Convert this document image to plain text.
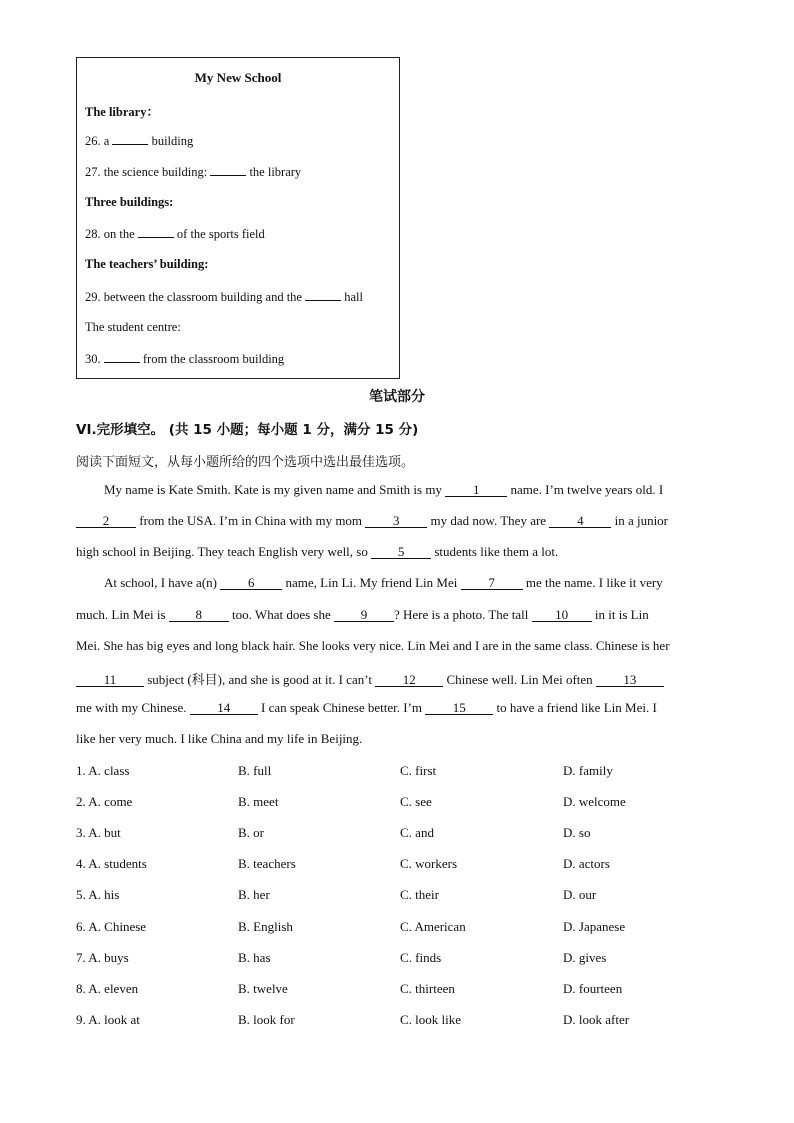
My New School
The library：
26. a	building
27. the science building:	the library
Three buildings:
28. on the	of the sports field
The teachers’ building:
29. between the classroom building and the	hall
The student centre:
30.	from the classroom building
笔试部分
VI.完形填空。 (共 15 小题；每小题 1 分，满分 15 分)
阅读下面短文，从每小题所给的四个选项中选出最佳选项。
My name is Kate Smith. Kate is my given name and Smith is my 1 name. I’m twelve years old. I
2 from the USA. I’m in China with my mom 3 my dad now. They are 4 in a junior
high school in Beijing. They teach English very well, so 5 students like them a lot.
At school, I have a(n) 6 name, Lin Li. My friend Lin Mei 7 me the name. I like it very
much. Lin Mei is 8 too. What does she 9 ? Here is a photo. The tall 10 in it is Lin
Mei. She has big eyes and long black hair. She looks very nice. Lin Mei and I are in the same class. Chinese is her
11 subject (科目), and she is good at it. I can’t 12 Chinese well. Lin Mei often 13
me with my Chinese. 14 I can speak Chinese better. I’m 15 to have a friend like Lin Mei. I
like her very much. I like China and my life in Beijing.
1. A. class	B. full	C. first	D. family
2. A. come	B. meet	C. see	D. welcome
3. A. but	B. or	C. and	D. so
4. A. students	B. teachers	C. workers	D. actors
5. A. his	B. her	C. their	D. our
6. A. Chinese	B. English	C. American	D. Japanese
7. A. buys	B. has	C. finds	D. gives
8. A. eleven	B. twelve	C. thirteen	D. fourteen
9. A. look at	B. look for	C. look like	D. look after
